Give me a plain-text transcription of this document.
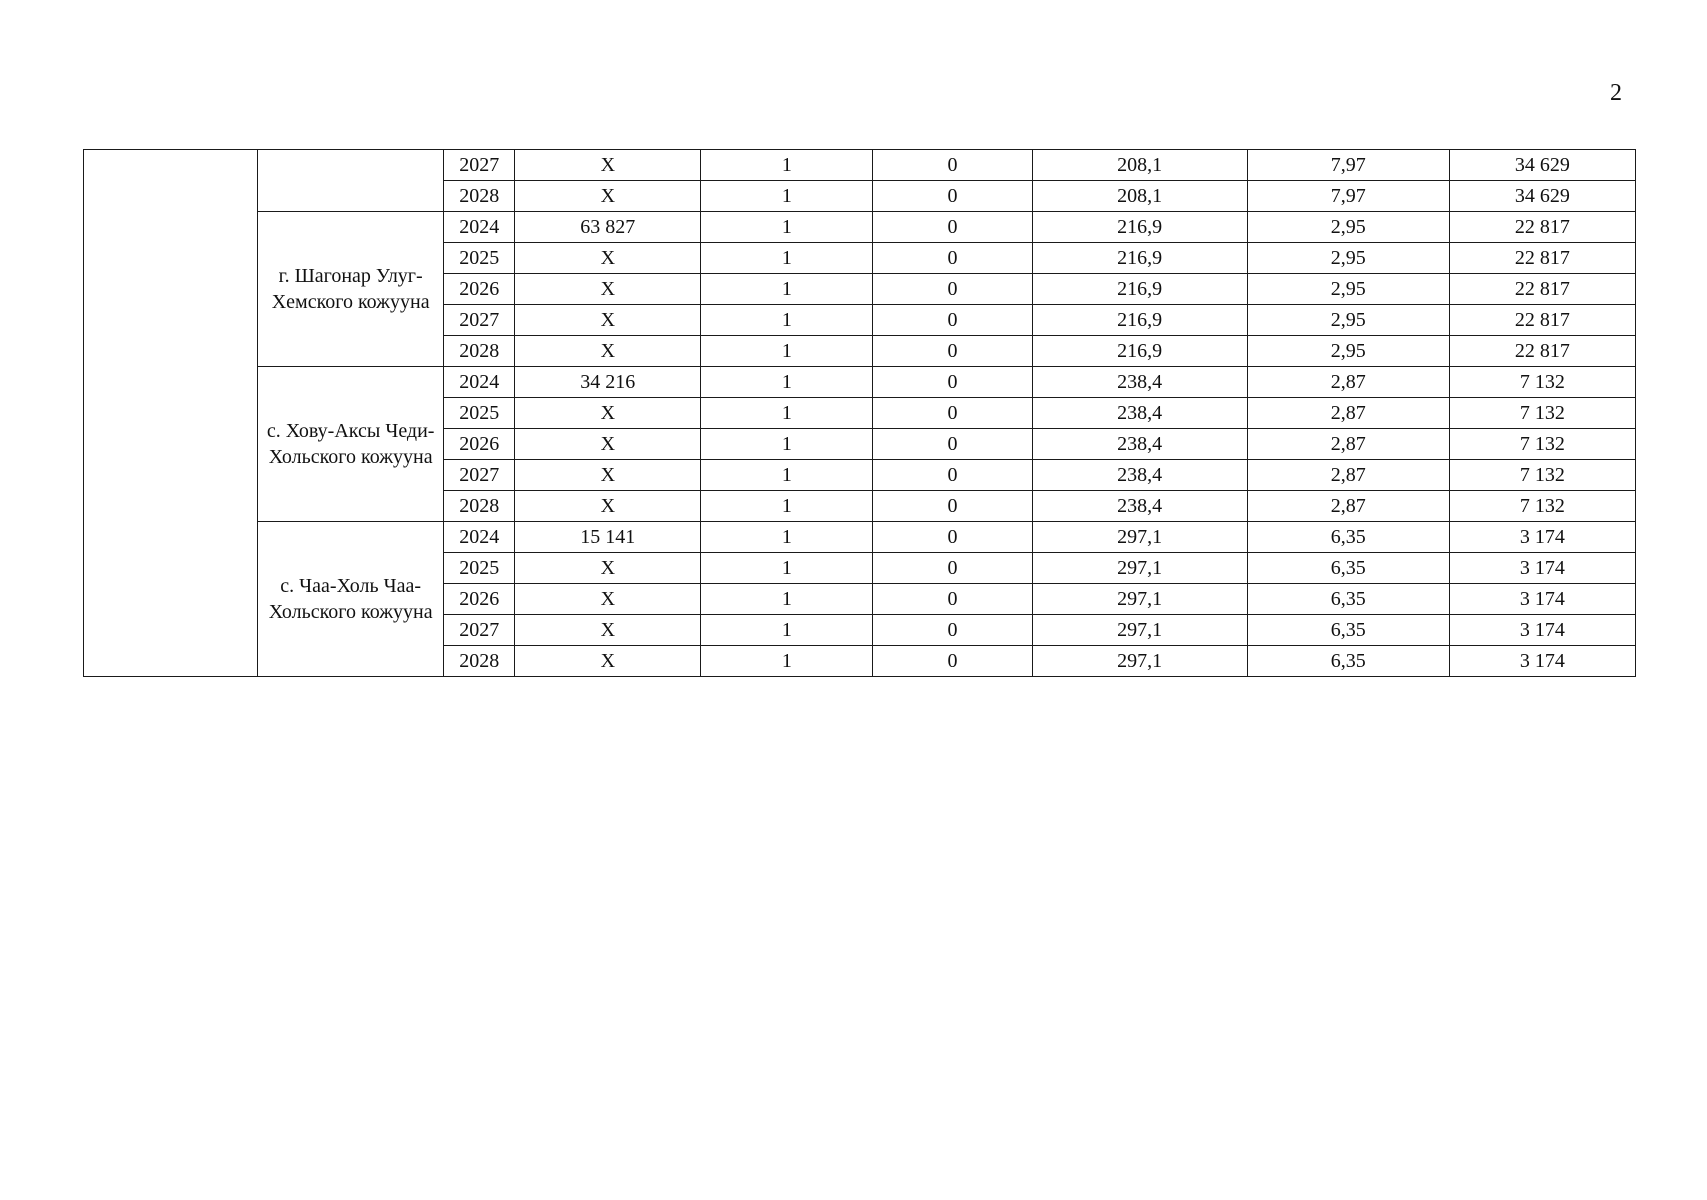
2
		2027	X	1	0	208,1	7,97	34 629
		2028	X	1	0	208,1	7,97	34 629
	г. Шагонар Улуг-Хемского кожууна	2024	63 827	1	0	216,9	2,95	22 817
		2025	X	1	0	216,9	2,95	22 817
		2026	X	1	0	216,9	2,95	22 817
		2027	X	1	0	216,9	2,95	22 817
		2028	X	1	0	216,9	2,95	22 817
	с. Хову-Аксы Чеди-Хольского кожууна	2024	34 216	1	0	238,4	2,87	7 132
		2025	X	1	0	238,4	2,87	7 132
		2026	X	1	0	238,4	2,87	7 132
		2027	X	1	0	238,4	2,87	7 132
		2028	X	1	0	238,4	2,87	7 132
	с. Чаа-Холь Чаа-Хольского кожууна	2024	15 141	1	0	297,1	6,35	3 174
		2025	X	1	0	297,1	6,35	3 174
		2026	X	1	0	297,1	6,35	3 174
		2027	X	1	0	297,1	6,35	3 174
		2028	X	1	0	297,1	6,35	3 174
